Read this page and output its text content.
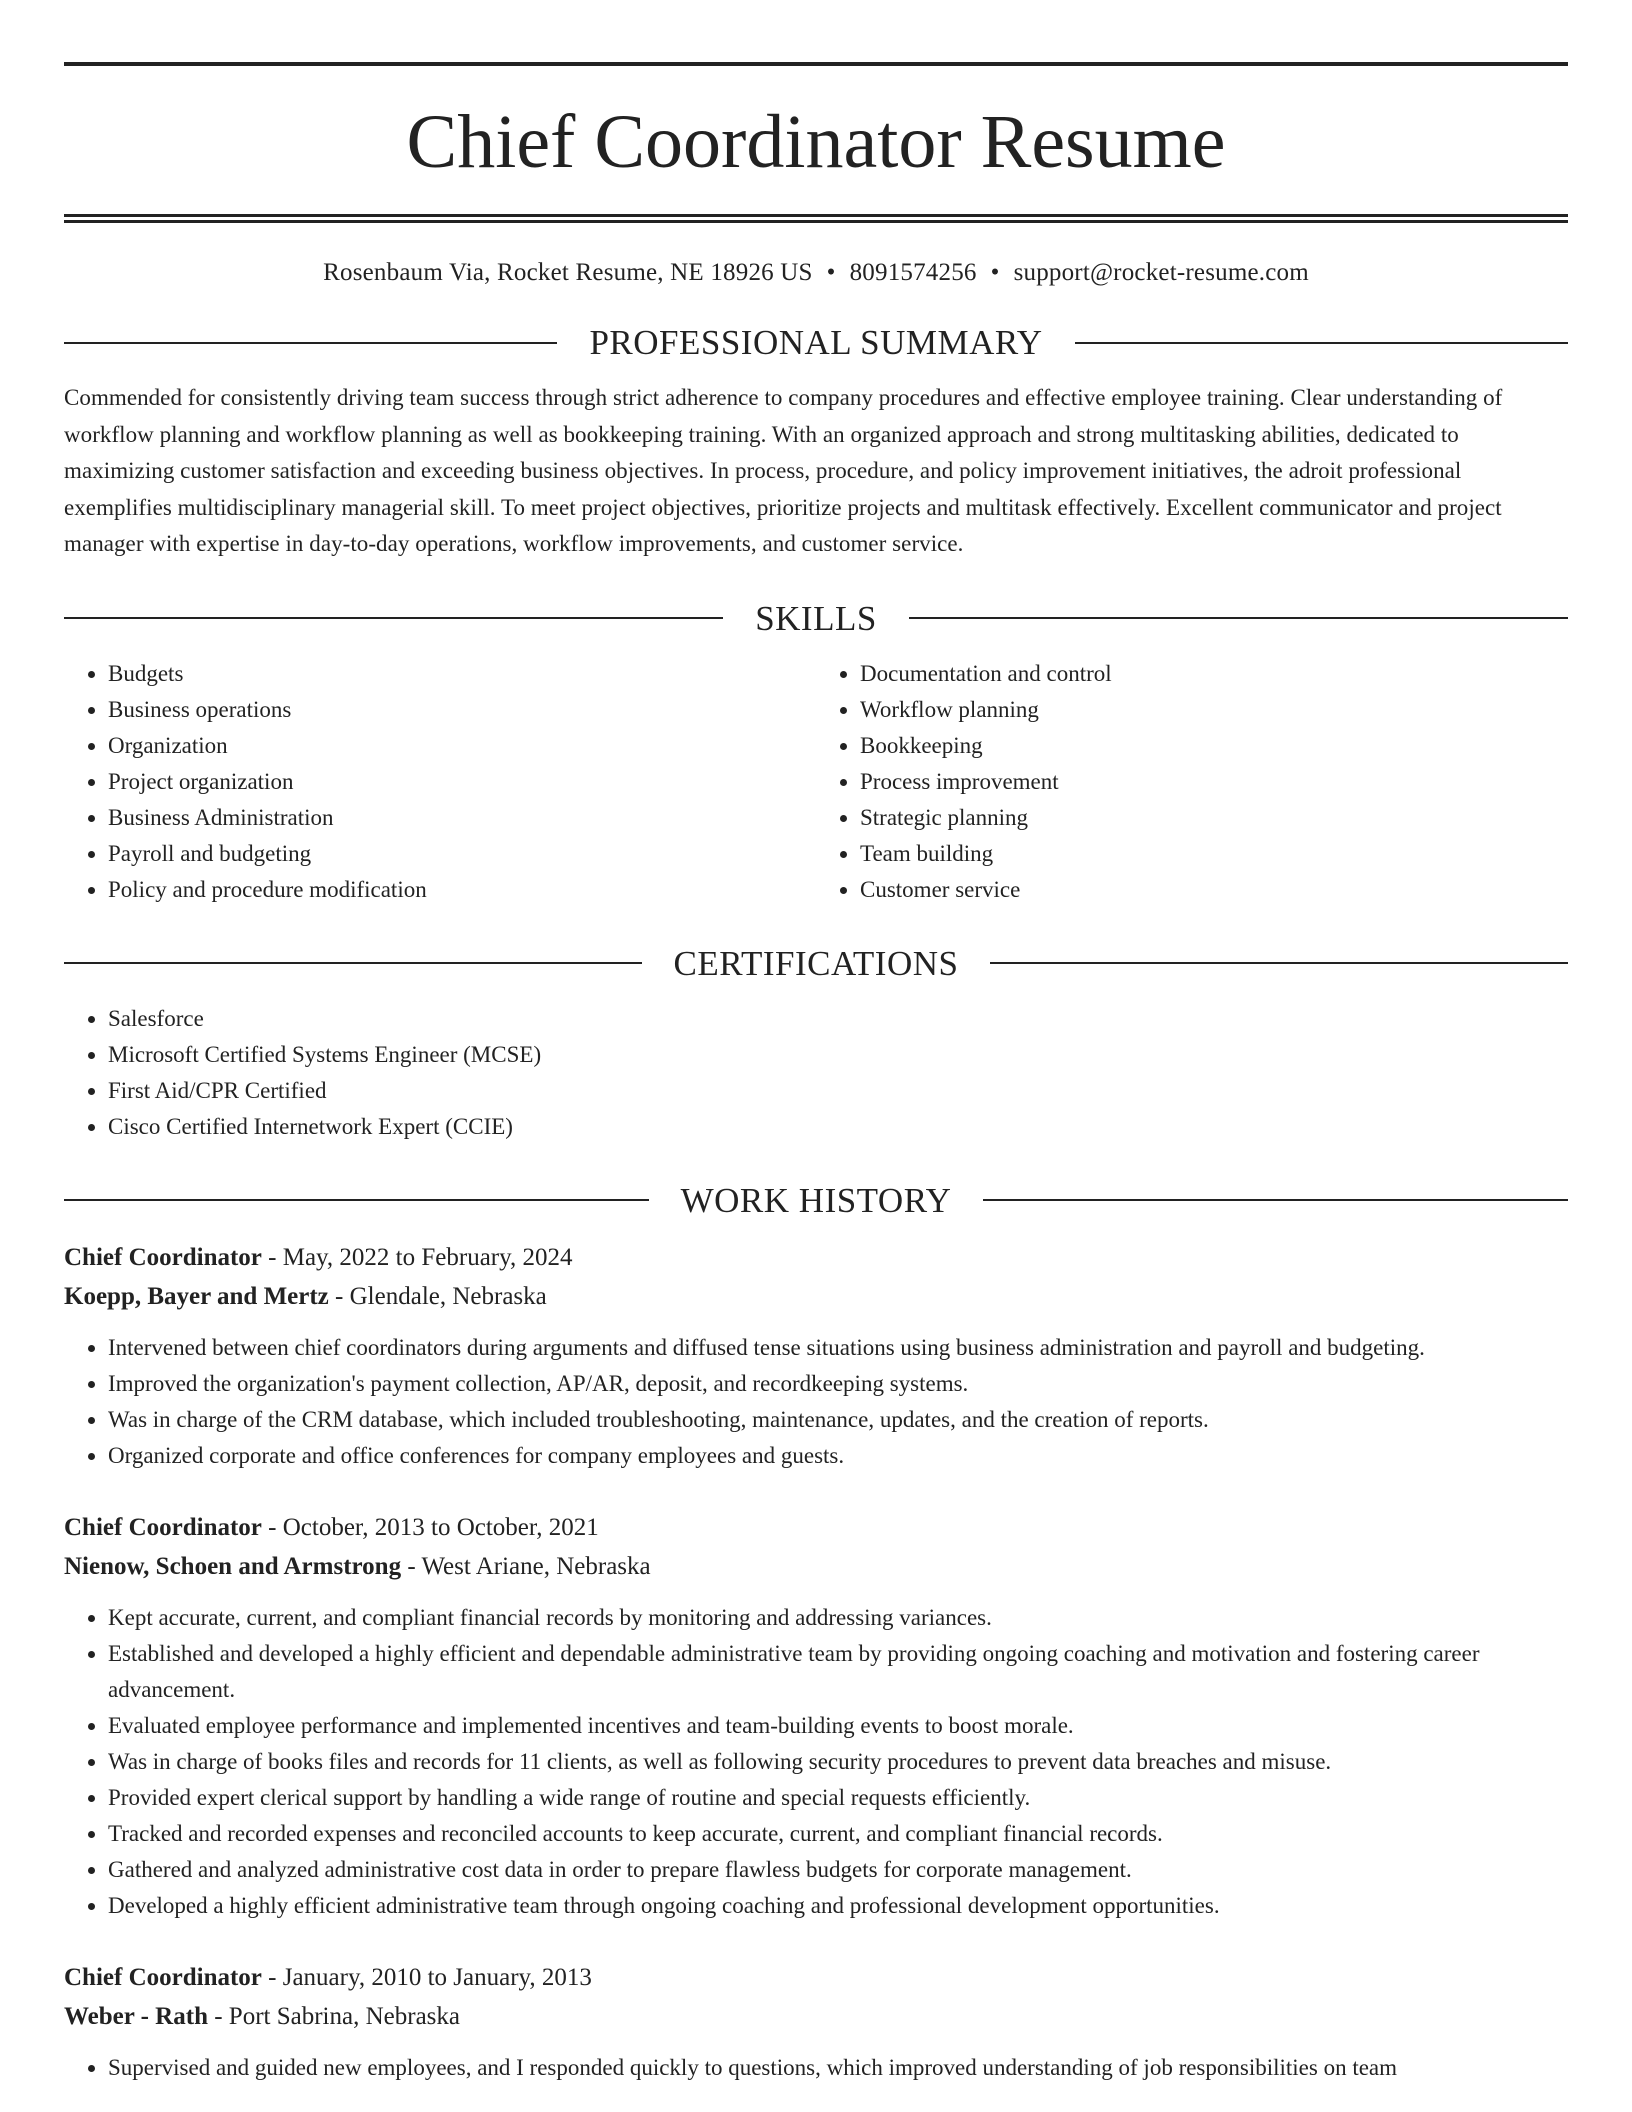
Chief Coordinator Resume
Rosenbaum Via, Rocket Resume, NE 18926 US • 8091574256 • support@rocket-resume.com
PROFESSIONAL SUMMARY

Commended for consistently driving team success through strict adherence to company procedures and effective employee training. Clear understanding of workflow planning and workflow planning as well as bookkeeping training. With an organized approach and strong multitasking abilities, dedicated to maximizing customer satisfaction and exceeding business objectives. In process, procedure, and policy improvement initiatives, the adroit professional exemplifies multidisciplinary managerial skill. To meet project objectives, prioritize projects and multitask effectively. Excellent communicator and project manager with expertise in day-to-day operations, workflow improvements, and customer service.

SKILLS
• Budgets
• Business operations
• Organization
• Project organization
• Business Administration
• Payroll and budgeting
• Policy and procedure modification
• Documentation and control
• Workflow planning
• Bookkeeping
• Process improvement
• Strategic planning
• Team building
• Customer service
CERTIFICATIONS
• Salesforce
• Microsoft Certified Systems Engineer (MCSE)
• First Aid/CPR Certified
• Cisco Certified Internetwork Expert (CCIE)
WORK HISTORY
Chief Coordinator - May, 2022 to February, 2024
Koepp, Bayer and Mertz - Glendale, Nebraska
• Intervened between chief coordinators during arguments and diffused tense situations using business administration and payroll and budgeting.
• Improved the organization's payment collection, AP/AR, deposit, and recordkeeping systems.
• Was in charge of the CRM database, which included troubleshooting, maintenance, updates, and the creation of reports.
• Organized corporate and office conferences for company employees and guests.
Chief Coordinator - October, 2013 to October, 2021
Nienow, Schoen and Armstrong - West Ariane, Nebraska
• Kept accurate, current, and compliant financial records by monitoring and addressing variances.
• Established and developed a highly efficient and dependable administrative team by providing ongoing coaching and motivation and fostering career advancement.
• Evaluated employee performance and implemented incentives and team-building events to boost morale.
• Was in charge of books files and records for 11 clients, as well as following security procedures to prevent data breaches and misuse.
• Provided expert clerical support by handling a wide range of routine and special requests efficiently.
• Tracked and recorded expenses and reconciled accounts to keep accurate, current, and compliant financial records.
• Gathered and analyzed administrative cost data in order to prepare flawless budgets for corporate management.
• Developed a highly efficient administrative team through ongoing coaching and professional development opportunities.
Chief Coordinator - January, 2010 to January, 2013
Weber - Rath - Port Sabrina, Nebraska
• Supervised and guided new employees, and I responded quickly to questions, which improved understanding of job responsibilities on team
